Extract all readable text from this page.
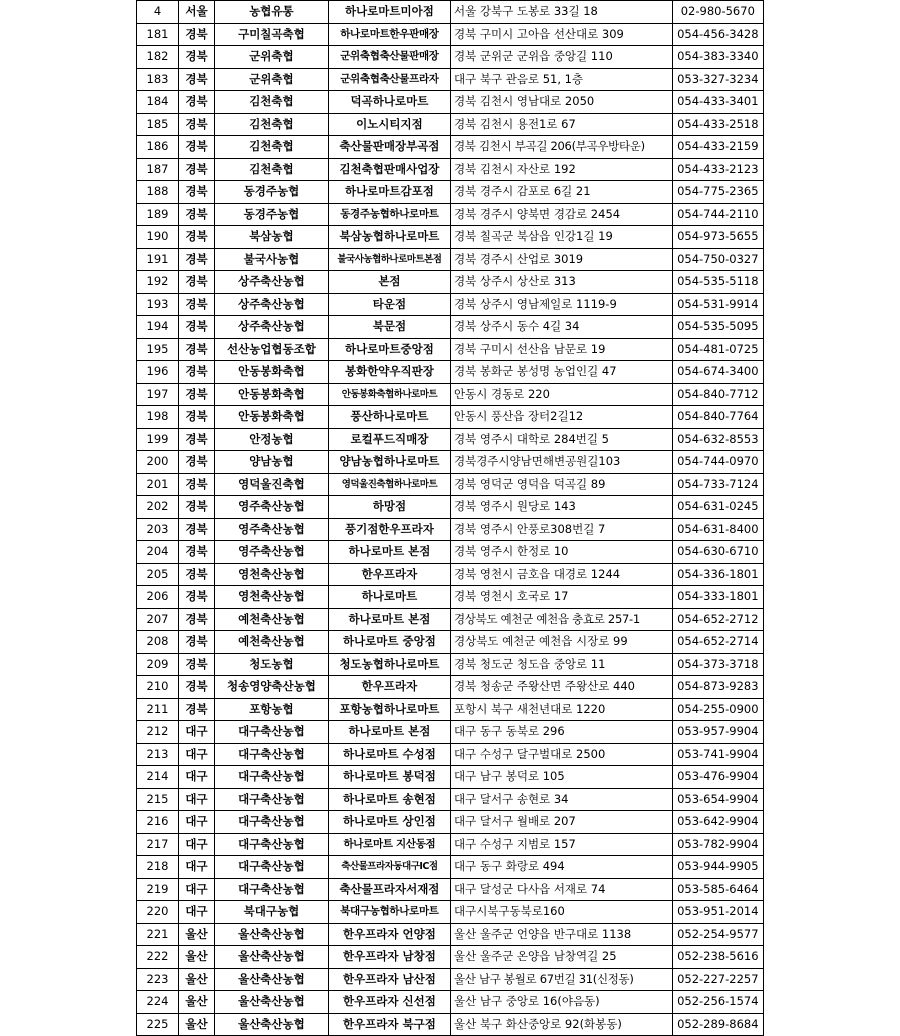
4	서울	농협유통	하나로마트미아점	서울 강북구 도봉로 33길 18	02-980-5670
181	경북	구미칠곡축협	하나로마트한우판매장	경북 구미시 고아읍 선산대로 309	054-456-3428
182	경북	군위축협	군위축협축산물판매장	경북 군위군 군위읍 중앙길 110	054-383-3340
183	경북	군위축협	군위축협축산물프라자	대구 북구 관음로 51, 1층	053-327-3234
184	경북	김천축협	덕곡하나로마트	경북 김천시 영남대로 2050	054-433-3401
185	경북	김천축협	이노시티지점	경북 김천시 용전1로 67	054-433-2518
186	경북	김천축협	축산물판매장부곡점	경북 김천시 부곡길 206(부곡우방타운)	054-433-2159
187	경북	김천축협	김천축협판매사업장	경북 김천시 자산로 192	054-433-2123
188	경북	동경주농협	하나로마트감포점	경북 경주시 감포로 6길 21	054-775-2365
189	경북	동경주농협	동경주농협하나로마트	경북 경주시 양북면 경감로 2454	054-744-2110
190	경북	북삼농협	북삼농협하나로마트	경북 칠곡군 북삼읍 인강1길 19	054-973-5655
191	경북	불국사농협	불국사농협하나로마트본점	경북 경주시 산업로 3019	054-750-0327
192	경북	상주축산농협	본점	경북 상주시 상산로 313	054-535-5118
193	경북	상주축산농협	타운점	경북 상주시 영남제일로 1119-9	054-531-9914
194	경북	상주축산농협	북문점	경북 상주시 동수 4길 34	054-535-5095
195	경북	선산농업협동조합	하나로마트중앙점	경북 구미시 선산읍 남문로 19	054-481-0725
196	경북	안동봉화축협	봉화한약우직판장	경북 봉화군 봉성명 농업인길 47	054-674-3400
197	경북	안동봉화축협	안동봉화축협하나로마트	안동시 경동로 220	054-840-7712
198	경북	안동봉화축협	풍산하나로마트	안동시 풍산읍 장터2길12	054-840-7764
199	경북	안정농협	로컬푸드직매장	경북 영주시 대학로 284번길 5	054-632-8553
200	경북	양남농협	양남농협하나로마트	경북경주시양남면해변공원길103	054-744-0970
201	경북	영덕울진축협	영덕울진축협하나로마트	경북 영덕군 영덕읍 덕곡길 89	054-733-7124
202	경북	영주축산농협	하망점	경북 영주시 원당로 143	054-631-0245
203	경북	영주축산농협	풍기점한우프라자	경북 영주시 안풍로308번길 7	054-631-8400
204	경북	영주축산농협	하나로마트 본점	경북 영주시 한정로 10	054-630-6710
205	경북	영천축산농협	한우프라자	경북 영천시 금호읍 대경로 1244	054-336-1801
206	경북	영천축산농협	하나로마트	경북 영천시 호국로 17	054-333-1801
207	경북	예천축산농협	하나로마트 본점	경상북도 예천군 예천읍 충효로 257-1	054-652-2712
208	경북	예천축산농협	하나로마트 중앙점	경상북도 예천군 예천읍 시장로 99	054-652-2714
209	경북	청도농협	청도농협하나로마트	경북 청도군 청도읍 중앙로 11	054-373-3718
210	경북	청송영양축산농협	한우프라자	경북 청송군 주왕산면 주왕산로 440	054-873-9283
211	경북	포항농협	포항농협하나로마트	포항시 북구 새천년대로 1220	054-255-0900
212	대구	대구축산농협	하나로마트 본점	대구 동구 동북로 296	053-957-9904
213	대구	대구축산농협	하나로마트 수성점	대구 수성구 달구벌대로 2500	053-741-9904
214	대구	대구축산농협	하나로마트 봉덕점	대구 남구 봉덕로 105	053-476-9904
215	대구	대구축산농협	하나로마트 송현점	대구 달서구 송현로 34	053-654-9904
216	대구	대구축산농협	하나로마트 상인점	대구 달서구 월배로 207	053-642-9904
217	대구	대구축산농협	하나로마트 지산동점	대구 수성구 지범로 157	053-782-9904
218	대구	대구축산농협	축산물프라자동대구IC점	대구 동구 화랑로 494	053-944-9905
219	대구	대구축산농협	축산물프라자서재점	대구 달성군 다사읍 서재로 74	053-585-6464
220	대구	북대구농협	북대구농협하나로마트	대구시북구동북로160	053-951-2014
221	울산	울산축산농협	한우프라자 언양점	울산 울주군 언양읍 반구대로 1138	052-254-9577
222	울산	울산축산농협	한우프라자 남창점	울산 울주군 온양읍 남창역길 25	052-238-5616
223	울산	울산축산농협	한우프라자 남산점	울산 남구 봉월로 67번길 31(신정동)	052-227-2257
224	울산	울산축산농협	한우프라자 신선점	울산 남구 중앙로 16(야음동)	052-256-1574
225	울산	울산축산농협	한우프라자 북구점	울산 북구 화산중앙로 92(화봉동)	052-289-8684
